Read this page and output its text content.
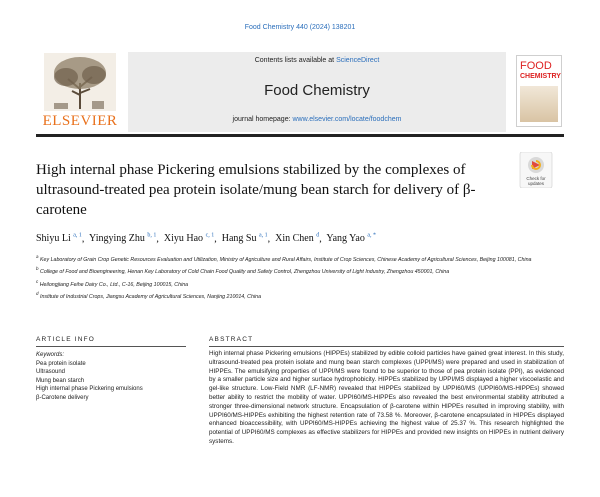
Food Chemistry 440 (2024) 138201
ELSEVIER
Contents lists available at ScienceDirect
Food Chemistry
journal homepage: www.elsevier.com/locate/foodchem
FOOD
CHEMISTRY
High internal phase Pickering emulsions stabilized by the complexes of ultrasound-treated pea protein isolate/mung bean starch for delivery of β-carotene
Check for updates
Shiyu Li $^{a, 1}$,  Yingying Zhu $^{b, 1}$,  Xiyu Hao $^{c, 1}$,  Hang Su $^{a, 1}$,  Xin Chen $^d$,  Yang Yao $^{a, *}$
$^a$ Key Laboratory of Grain Crop Genetic Resources Evaluation and Utilization, Ministry of Agriculture and Rural Affairs, Institute of Crop Sciences, Chinese Academy of Agricultural Sciences, Beijing 100081, China
$^b$ College of Food and Bioengineering, Henan Key Laboratory of Cold Chain Food Quality and Safety Control, Zhengzhou University of Light Industry, Zhengzhou 450001, China
$^c$ Heilongjiang Feihe Dairy Co., Ltd., C-16, Beijing 100015, China
$^d$ Institute of Industrial Crops, Jiangsu Academy of Agricultural Sciences, Nanjing 210014, China
ARTICLE INFO	ABSTRACT
Keywords:
Pea protein isolate
Ultrasound
Mung bean starch
High internal phase Pickering emulsions
β-Carotene delivery
High internal phase Pickering emulsions (HIPPEs) stabilized by edible colloid particles have gained great interest. In this study, ultrasound-treated pea protein isolate and mung bean starch complexes (UPPI/MS) were prepared and used in stabilization of HIPPEs. The emulsifying properties of UPPI/MS were found to be superior to those of pea protein isolate (PPI), as evidenced by a smaller particle size and higher surface hydrophobicity. HIPPEs stabilized by UPPI/MS displayed a higher viscoelastic and gel-like structure. Low-Field NMR (LF-NMR) revealed that HIPPEs stabilized by UPPI60/MS (UPPI60/MS-HIPPEs) showed better ability to restrict the mobility of water. UPPI60/MS-HIPPEs also revealed the best environmental stability attributed a stronger three-dimensional network structure. Encapsulation of β-carotene within HIPPEs resulted in improving stability, with UPPI60/MS-HIPPEs exhibiting the highest retention rate of 73.58 %. Moreover, β-carotene encapsulated in HIPPEs displayed enhanced bioaccessibility, with UPPI60/MS-HIPPEs achieving the highest value of 25.37 %. This research highlighted the potential of UPPI60/MS complexes as effective stabilizers for HIPPEs and provided new insights on HIPPEs in nutrient delivery systems.
